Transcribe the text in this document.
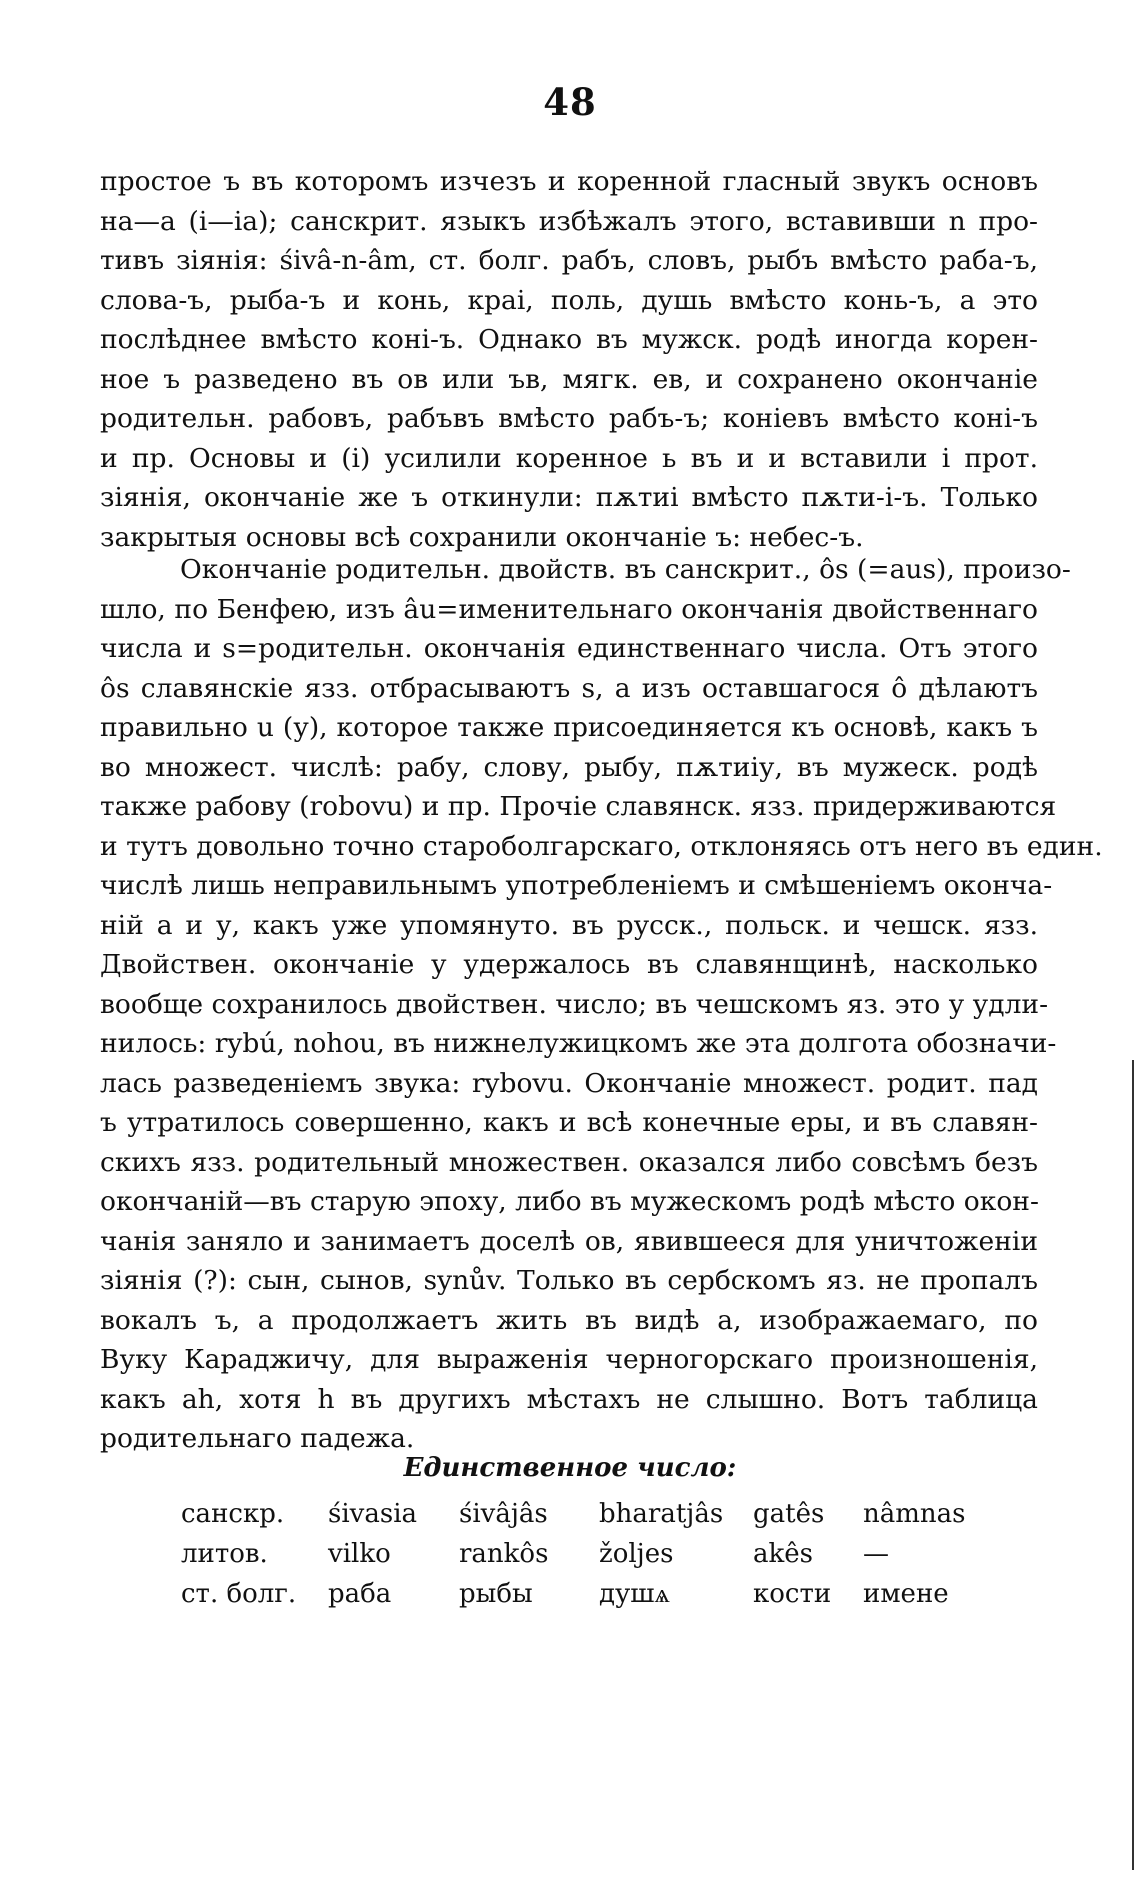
48
простое ъ въ которомъ изчезъ и коренной гласный звукъ основъ
на—а (i—ia); санскрит. языкъ избѣжалъ этого, вставивши n про-
тивъ зіянія: śivâ-n-âm, ст. болг. рабъ, словъ, рыбъ вмѣсто раба-ъ,
слова-ъ, рыба-ъ и конь, краі, поль, душь вмѣсто конь-ъ, а это
послѣднее вмѣсто коні-ъ. Однако въ мужск. родѣ иногда корен-
ное ъ разведено въ ов или ъв, мягк. ев, и сохранено окончаніе
родительн. рабовъ, рабъвъ вмѣсто рабъ-ъ; коніевъ вмѣсто коні-ъ
и пр. Основы и (і) усилили коренное ь въ и и вставили і прот.
зіянія, окончаніе же ъ откинули: пѫтиі вмѣсто пѫти-і-ъ. Только
закрытыя основы всѣ сохранили окончаніе ъ: небес-ъ.
Окончаніе родительн. двойств. въ санскрит., ôs (=aus), произо-
шло, по Бенфею, изъ âu=именительнаго окончанія двойственнаго
числа и s=родительн. окончанія единственнаго числа. Отъ этого
ôs славянскіе язз. отбрасываютъ s, а изъ оставшагося ô дѣлаютъ
правильно u (у), которое также присоединяется къ основѣ, какъ ъ
во множест. числѣ: рабу, слову, рыбу, пѫтиіу, въ мужеск. родѣ
также рабову (robovu) и пр. Прочіе славянск. язз. придерживаются
и тутъ довольно точно староболгарскаго, отклоняясь отъ него въ един.
числѣ лишь неправильнымъ употребленіемъ и смѣшеніемъ оконча-
ній а и у, какъ уже упомянуто. въ русск., польск. и чешск. язз.
Двойствен. окончаніе у удержалось въ славянщинѣ, насколько
вообще сохранилось двойствен. число; въ чешскомъ яз. это у удли-
нилось: rybú, nohou, въ нижнелужицкомъ же эта долгота обозначи-
лась разведеніемъ звука: rybovu. Окончаніе множест. родит. пад
ъ утратилось совершенно, какъ и всѣ конечные еры, и въ славян-
скихъ язз. родительный множествен. оказался либо совсѣмъ безъ
окончаній—въ старую эпоху, либо въ мужескомъ родѣ мѣсто окон-
чанія заняло и занимаетъ доселѣ ов, явившееся для уничтоженіи
зіянія (?): сын, сынов, synův. Только въ сербскомъ яз. не пропалъ
вокалъ ъ, а продолжаетъ жить въ видѣ а, изображаемаго, по
Вуку Караджичу, для выраженія черногорскаго произношенія,
какъ ah, хотя h въ другихъ мѣстахъ не слышно. Вотъ таблица
родительнаго падежа.
Единственное число:
санскр.	śivasia	śivâjâs	bharatjâs	gatês	nâmnas
литов.	vilko	rankôs	žoljes	akês	—
ст. болг.	раба	рыбы	душѧ	кости	имене
